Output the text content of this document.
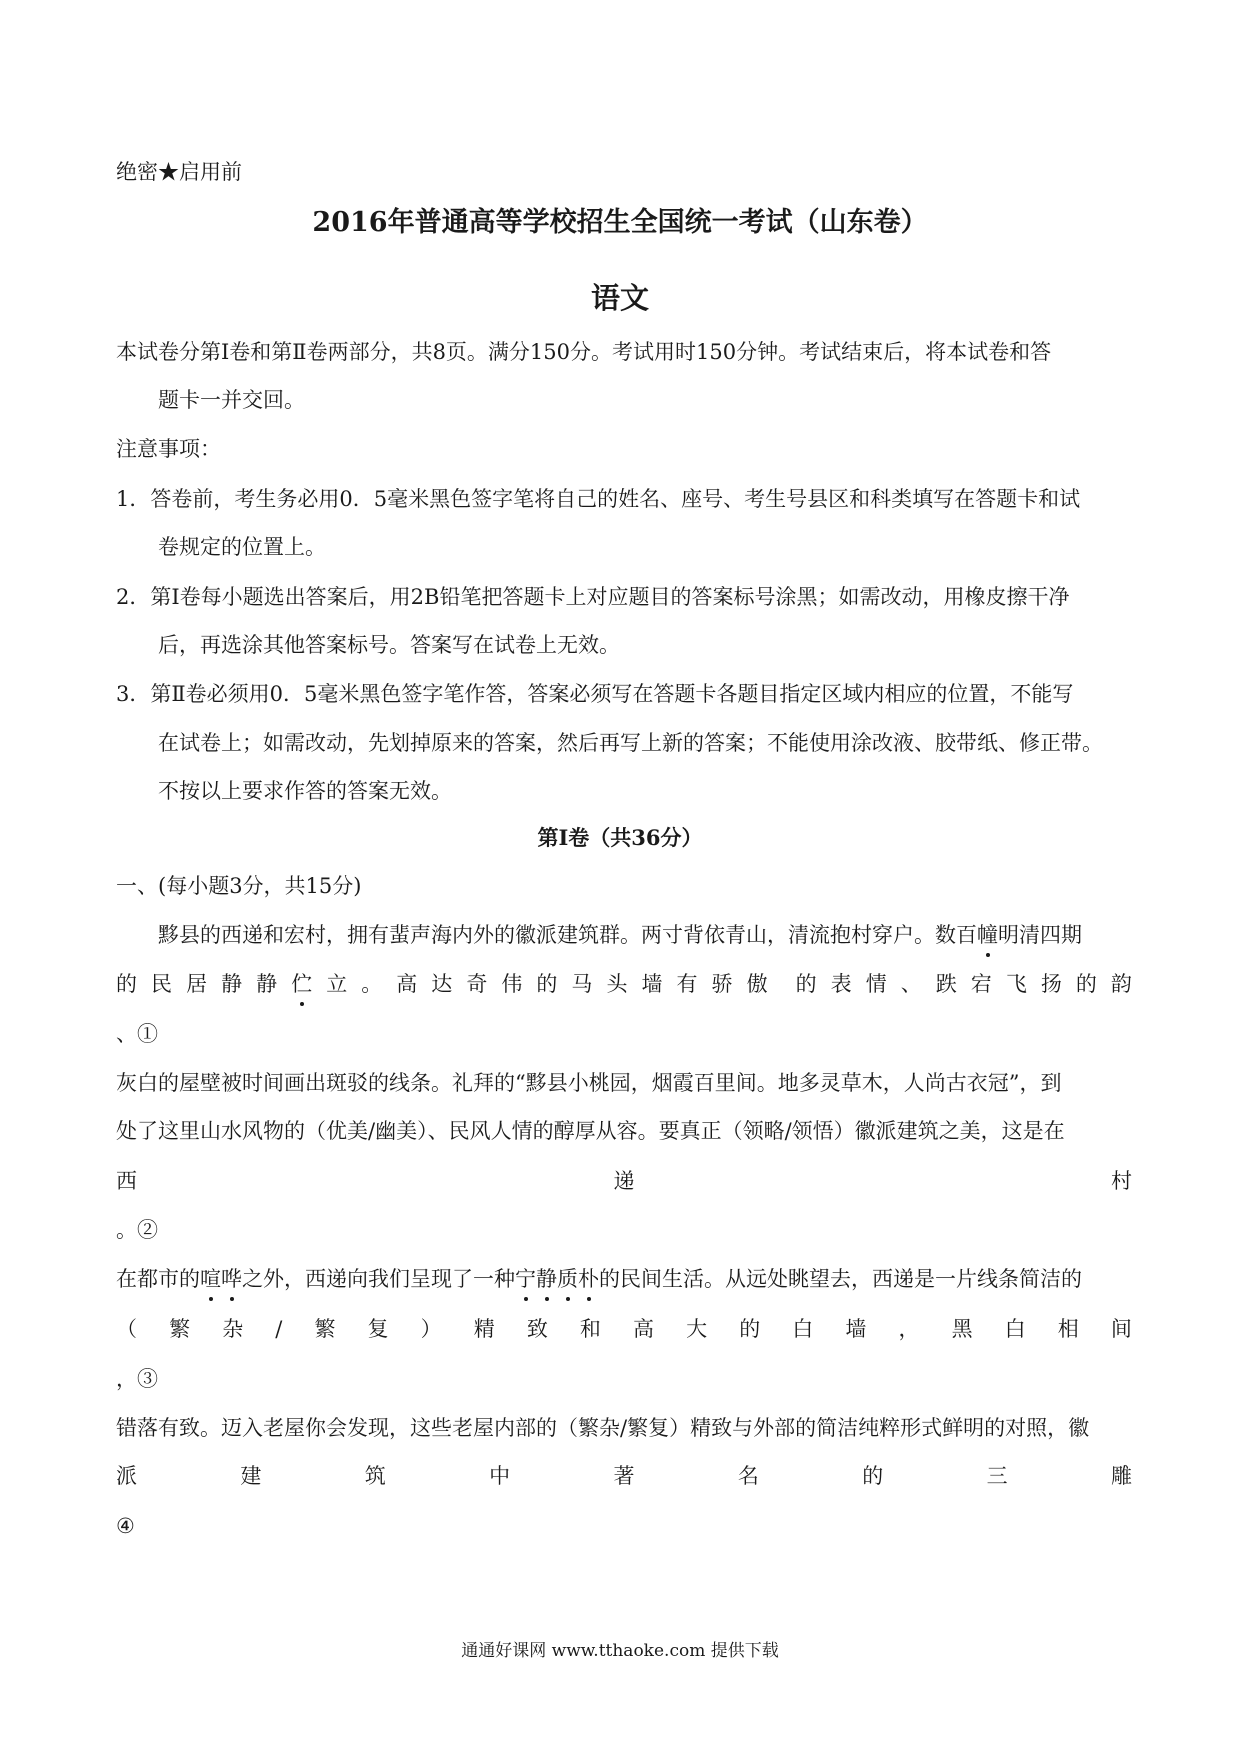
绝密★启用前
2016年普通高等学校招生全国统一考试（山东卷）
语文
本试卷分第Ⅰ卷和第Ⅱ卷两部分，共8页。满分150分。考试用时150分钟。考试结束后，将本试卷和答
题卡一并交回。
注意事项：
1．答卷前，考生务必用0．5毫米黑色签字笔将自己的姓名、座号、考生号县区和科类填写在答题卡和试
卷规定的位置上。
2．第Ⅰ卷每小题选出答案后，用2B铅笔把答题卡上对应题目的答案标号涂黑；如需改动，用橡皮擦干净
后，再选涂其他答案标号。答案写在试卷上无效。
3．第Ⅱ卷必须用0．5毫米黑色签字笔作答，答案必须写在答题卡各题目指定区域内相应的位置，不能写
在试卷上；如需改动，先划掉原来的答案，然后再写上新的答案；不能使用涂改液、胶带纸、修正带。
不按以上要求作答的答案无效。
第Ⅰ卷（共36分）
一、(每小题3分，共15分)
黟县的西递和宏村，拥有蜚声海内外的徽派建筑群。两寸背依青山，清流抱村穿户。数百幢明清四期
的 民 居 静 静 伫 立 。 高 达 奇 伟 的 马 头 墙 有 骄 傲 的 表 情 、 跌 宕 飞 扬 的 韵
、①
灰白的屋壁被时间画出斑驳的线条。礼拜的“黟县小桃园，烟霞百里间。地多灵草木，人尚古衣冠”，到
处了这里山水风物的（优美/幽美）、民风人情的醇厚从容。要真正（领略/领悟）徽派建筑之美，这是在
西	递	村
。②
在都市的喧哗之外，西递向我们呈现了一种宁静质朴的民间生活。从远处眺望去，西递是一片线条简洁的
（ 繁 杂 / 繁 复 ） 精 致 和 高 大 的 白 墙 ， 黑 白 相 间
，③
错落有致。迈入老屋你会发现，这些老屋内部的（繁杂/繁复）精致与外部的简洁纯粹形式鲜明的对照，徽
派	建	筑	中	著	名	的	三	雕
④
通通好课网 www.tthaoke.com 提供下载
